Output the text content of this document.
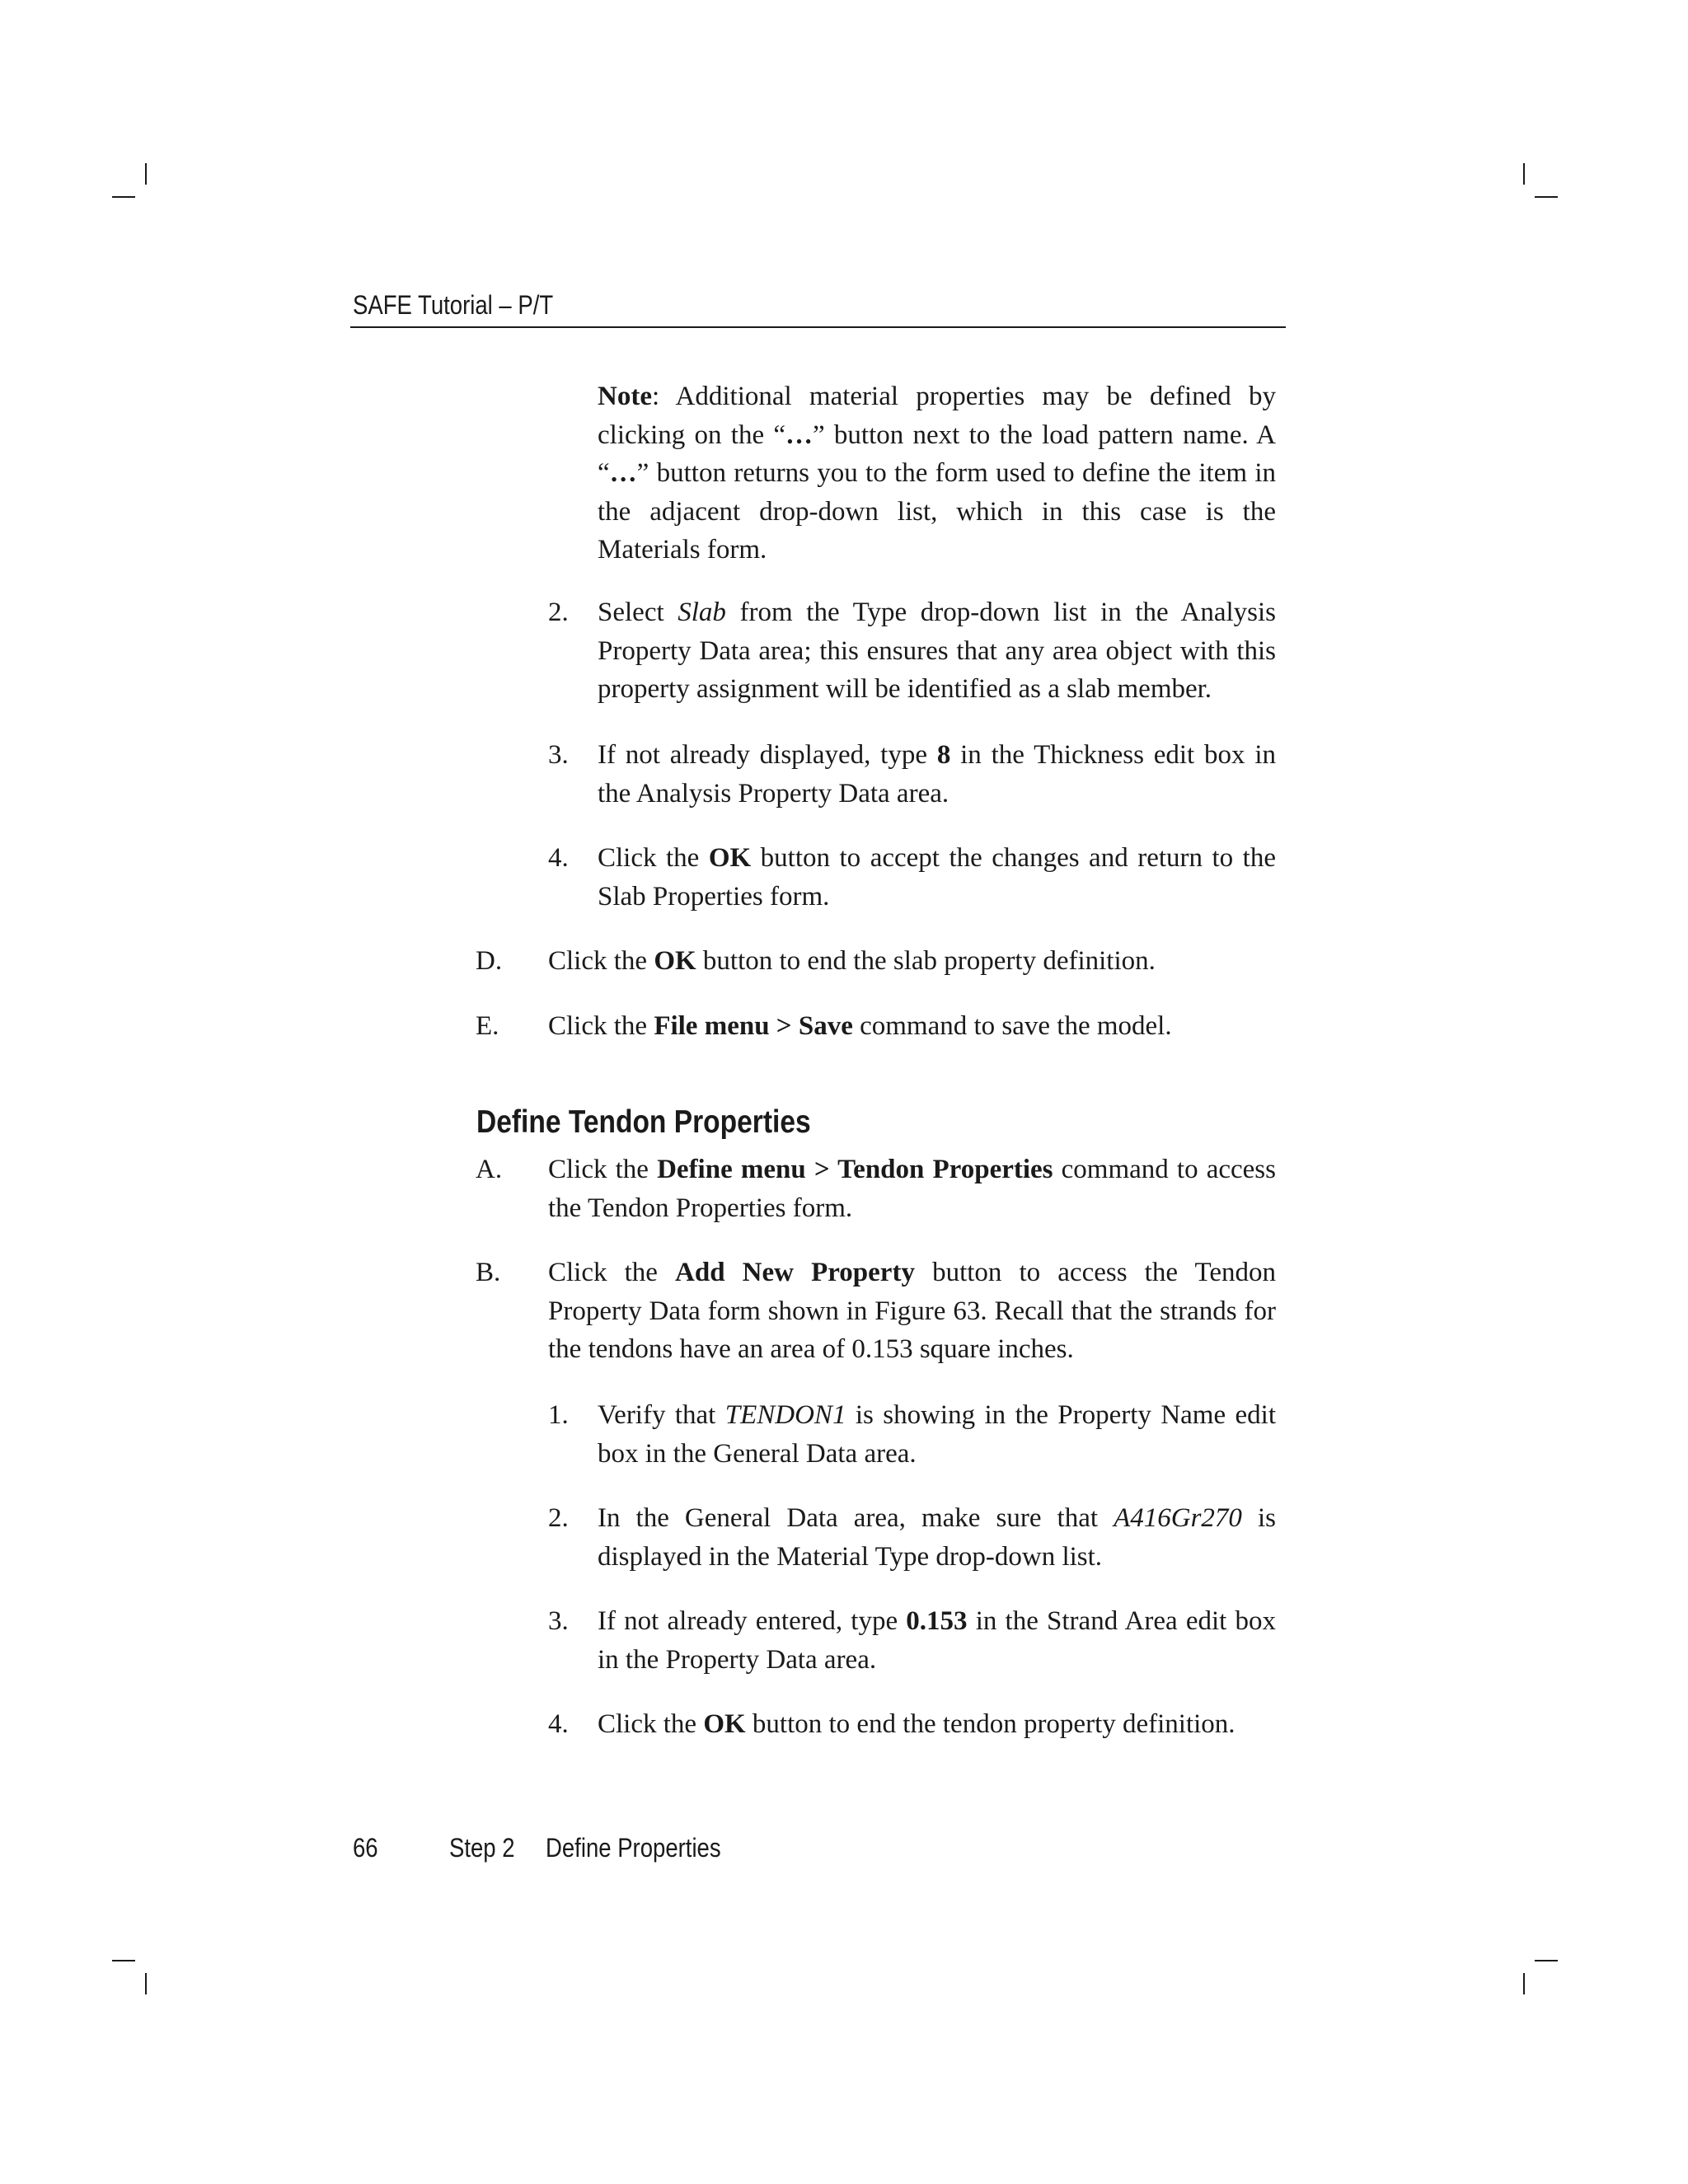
SAFE Tutorial – P/T

Note: Additional material properties may be defined by clicking on the “…” button next to the load pattern name. A “…” button returns you to the form used to define the item in the adjacent drop-down list, which in this case is the Materials form.

2. Select Slab from the Type drop-down list in the Analysis Property Data area; this ensures that any area object with this property assignment will be identified as a slab member.

3. If not already displayed, type 8 in the Thickness edit box in the Analysis Property Data area.

4. Click the OK button to accept the changes and return to the Slab Properties form.

D. Click the OK button to end the slab property definition.

E. Click the File menu > Save command to save the model.

Define Tendon Properties
A. Click the Define menu > Tendon Properties command to access the Tendon Properties form.

B. Click the Add New Property button to access the Tendon Property Data form shown in Figure 63. Recall that the strands for the tendons have an area of 0.153 square inches.

1. Verify that TENDON1 is showing in the Property Name edit box in the General Data area.

2. In the General Data area, make sure that A416Gr270 is displayed in the Material Type drop-down list.

3. If not already entered, type 0.153 in the Strand Area edit box in the Property Data area.

4. Click the OK button to end the tendon property definition.

66	Step 2 Define Properties
